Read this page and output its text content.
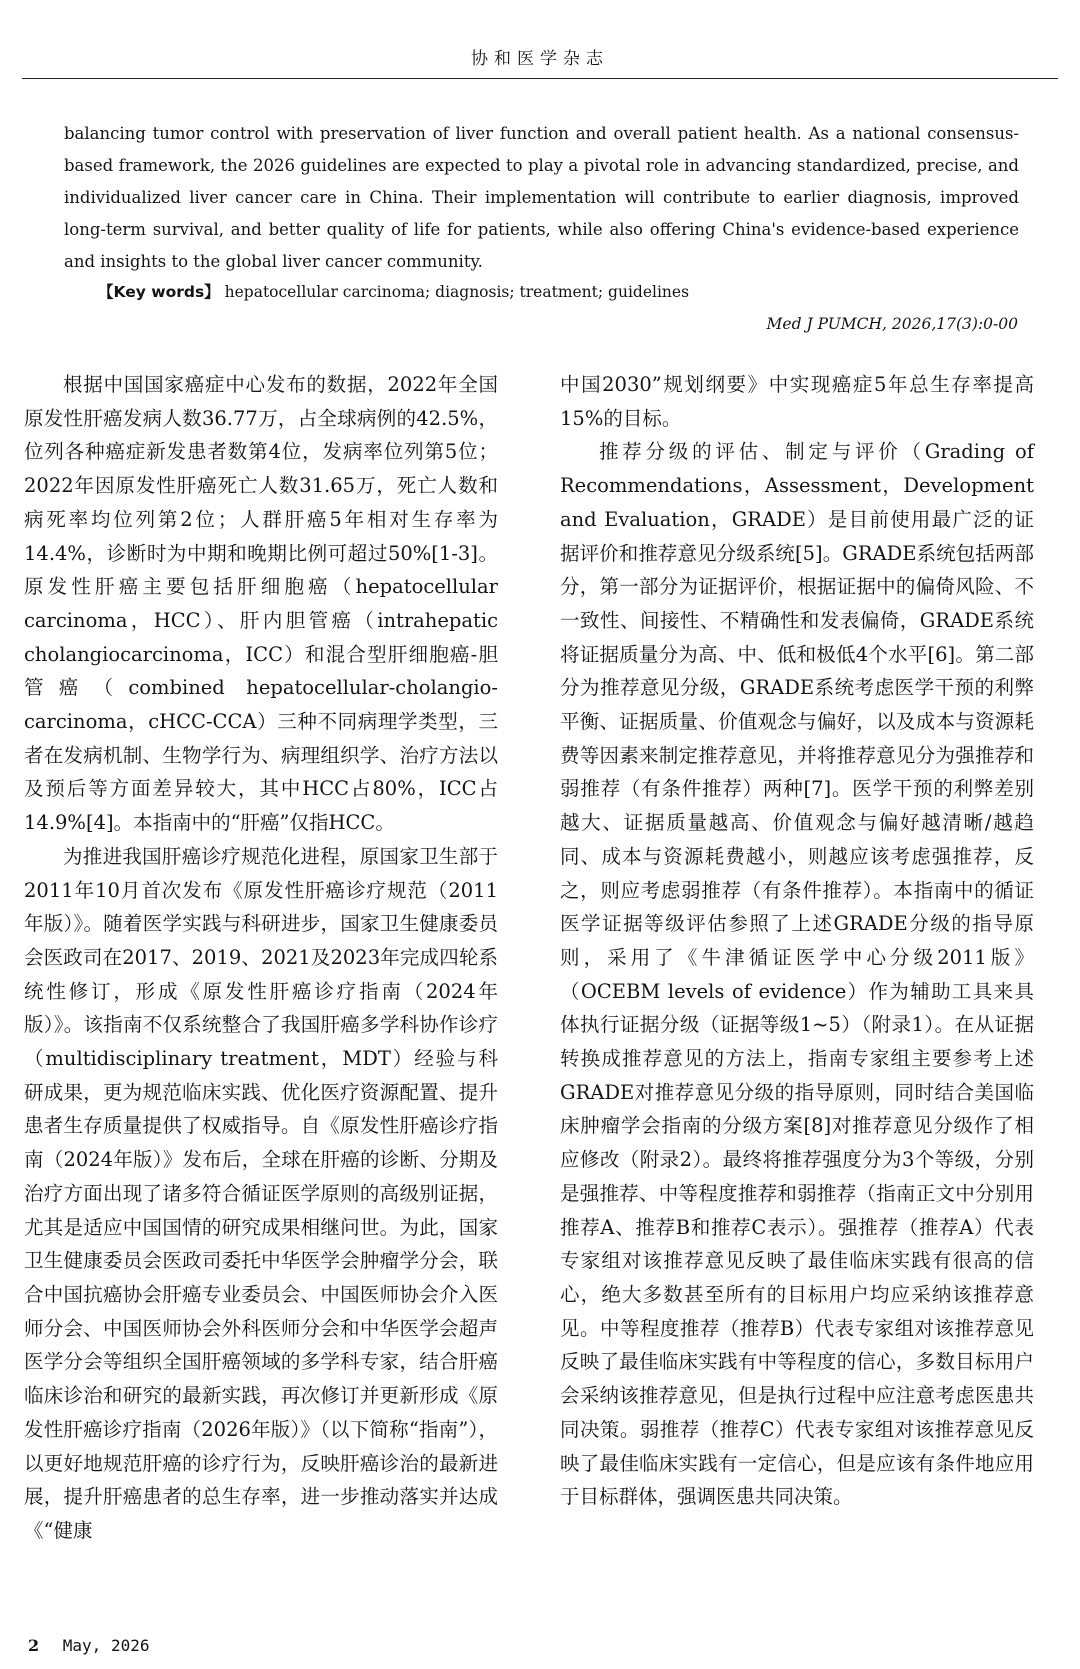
协和医学杂志
balancing tumor control with preservation of liver function and overall patient health. As a national consensus-based framework, the 2026 guidelines are expected to play a pivotal role in advancing standardized, precise, and individualized liver cancer care in China. Their implementation will contribute to earlier diagnosis, improved long-term survival, and better quality of life for patients, while also offering China's evidence-based experience and insights to the global liver cancer community.
【Key words】 hepatocellular carcinoma; diagnosis; treatment; guidelines
Med J PUMCH, 2026,17(3):0-00

根据中国国家癌症中心发布的数据，2022年全国原发性肝癌发病人数36.77万，占全球病例的42.5%，位列各种癌症新发患者数第4位，发病率位列第5位；2022年因原发性肝癌死亡人数31.65万，死亡人数和病死率均位列第2位；人群肝癌5年相对生存率为14.4%，诊断时为中期和晚期比例可超过50%[1-3]。原发性肝癌主要包括肝细胞癌（hepatocellular carcinoma，HCC）、肝内胆管癌（intrahepatic cholangiocarcinoma，ICC）和混合型肝细胞癌-胆管癌（combined hepatocellular-cholangio-carcinoma，cHCC-CCA）三种不同病理学类型，三者在发病机制、生物学行为、病理组织学、治疗方法以及预后等方面差异较大，其中HCC占80%，ICC占14.9%[4]。本指南中的“肝癌”仅指HCC。

为推进我国肝癌诊疗规范化进程，原国家卫生部于2011年10月首次发布《原发性肝癌诊疗规范（2011年版）》。随着医学实践与科研进步，国家卫生健康委员会医政司在2017、2019、2021及2023年完成四轮系统性修订，形成《原发性肝癌诊疗指南（2024年版）》。该指南不仅系统整合了我国肝癌多学科协作诊疗（multidisciplinary treatment，MDT）经验与科研成果，更为规范临床实践、优化医疗资源配置、提升患者生存质量提供了权威指导。自《原发性肝癌诊疗指南（2024年版）》发布后，全球在肝癌的诊断、分期及治疗方面出现了诸多符合循证医学原则的高级别证据，尤其是适应中国国情的研究成果相继问世。为此，国家卫生健康委员会医政司委托中华医学会肿瘤学分会，联合中国抗癌协会肝癌专业委员会、中国医师协会介入医师分会、中国医师协会外科医师分会和中华医学会超声医学分会等组织全国肝癌领域的多学科专家，结合肝癌临床诊治和研究的最新实践，再次修订并更新形成《原发性肝癌诊疗指南（2026年版）》（以下简称“指南”），以更好地规范肝癌的诊疗行为，反映肝癌诊治的最新进展，提升肝癌患者的总生存率，进一步推动落实并达成《“健康

中国2030”规划纲要》中实现癌症5年总生存率提高15%的目标。

推荐分级的评估、制定与评价（Grading of Recommendations，Assessment，Development and Evaluation，GRADE）是目前使用最广泛的证据评价和推荐意见分级系统[5]。GRADE系统包括两部分，第一部分为证据评价，根据证据中的偏倚风险、不一致性、间接性、不精确性和发表偏倚，GRADE系统将证据质量分为高、中、低和极低4个水平[6]。第二部分为推荐意见分级，GRADE系统考虑医学干预的利弊平衡、证据质量、价值观念与偏好，以及成本与资源耗费等因素来制定推荐意见，并将推荐意见分为强推荐和弱推荐（有条件推荐）两种[7]。医学干预的利弊差别越大、证据质量越高、价值观念与偏好越清晰/越趋同、成本与资源耗费越小，则越应该考虑强推荐，反之，则应考虑弱推荐（有条件推荐）。本指南中的循证医学证据等级评估参照了上述GRADE分级的指导原则，采用了《牛津循证医学中心分级2011版》（OCEBM levels of evidence）作为辅助工具来具体执行证据分级（证据等级1~5）（附录1）。在从证据转换成推荐意见的方法上，指南专家组主要参考上述GRADE对推荐意见分级的指导原则，同时结合美国临床肿瘤学会指南的分级方案[8]对推荐意见分级作了相应修改（附录2）。最终将推荐强度分为3个等级，分别是强推荐、中等程度推荐和弱推荐（指南正文中分别用推荐A、推荐B和推荐C表示）。强推荐（推荐A）代表专家组对该推荐意见反映了最佳临床实践有很高的信心，绝大多数甚至所有的目标用户均应采纳该推荐意见。中等程度推荐（推荐B）代表专家组对该推荐意见反映了最佳临床实践有中等程度的信心，多数目标用户会采纳该推荐意见，但是执行过程中应注意考虑医患共同决策。弱推荐（推荐C）代表专家组对该推荐意见反映了最佳临床实践有一定信心，但是应该有条件地应用于目标群体，强调医患共同决策。

2 May, 2026
